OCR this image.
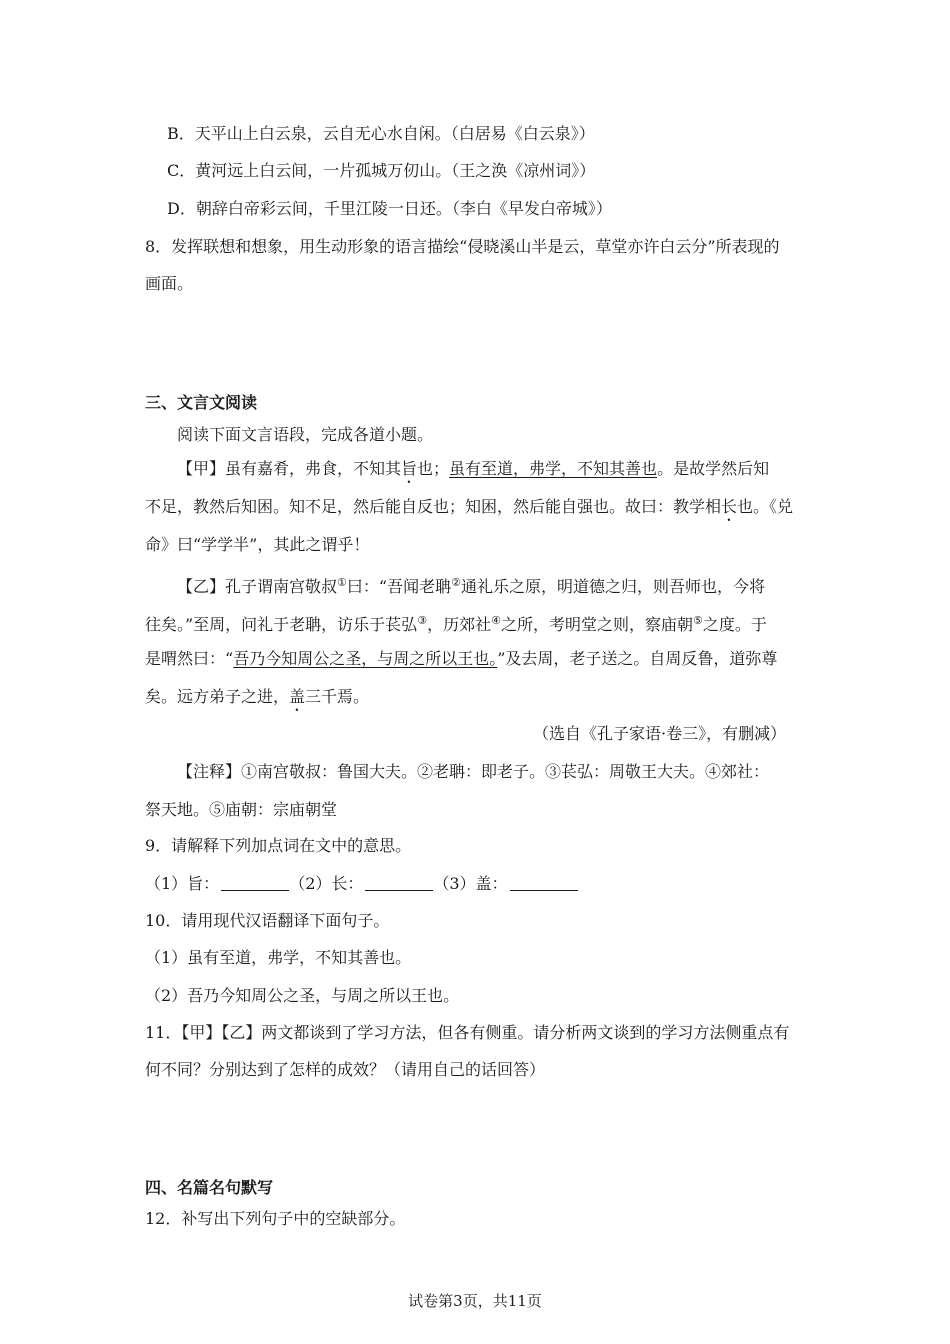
B．天平山上白云泉，云自无心水自闲。（白居易《白云泉》）
C．黄河远上白云间，一片孤城万仞山。（王之涣《凉州词》）
D．朝辞白帝彩云间，千里江陵一日还。（李白《早发白帝城》）
8．发挥联想和想象，用生动形象的语言描绘“侵晓溪山半是云，草堂亦许白云分”所表现的
画面。
三、文言文阅读
阅读下面文言语段，完成各道小题。
【甲】虽有嘉肴，弗食，不知其旨也；虽有至道，弗学，不知其善也。是故学然后知
不足，教然后知困。知不足，然后能自反也；知困，然后能自强也。故曰：教学相长也。《兑
命》曰“学学半”，其此之谓乎！
【乙】孔子谓南宫敬叔①曰：“吾闻老聃②通礼乐之原，明道德之归，则吾师也，今将
往矣。”至周，问礼于老聃，访乐于苌弘③，历郊社④之所，考明堂之则，察庙朝⑤之度。于
是喟然曰：“吾乃今知周公之圣，与周之所以王也。”及去周，老子送之。自周反鲁，道弥尊
矣。远方弟子之进，盖三千焉。
（选自《孔子家语·卷三》，有删减）
【注释】①南宫敬叔：鲁国大夫。②老聃：即老子。③苌弘：周敬王大夫。④郊社：
祭天地。⑤庙朝：宗庙朝堂
9．请解释下列加点词在文中的意思。
（1）旨：	（2）长：	（3）盖：
10．请用现代汉语翻译下面句子。
（1）虽有至道，弗学，不知其善也。
（2）吾乃今知周公之圣，与周之所以王也。
11．【甲】【乙】两文都谈到了学习方法，但各有侧重。请分析两文谈到的学习方法侧重点有
何不同？分别达到了怎样的成效？（请用自己的话回答）
四、名篇名句默写
12．补写出下列句子中的空缺部分。
试卷第3页，共11页
